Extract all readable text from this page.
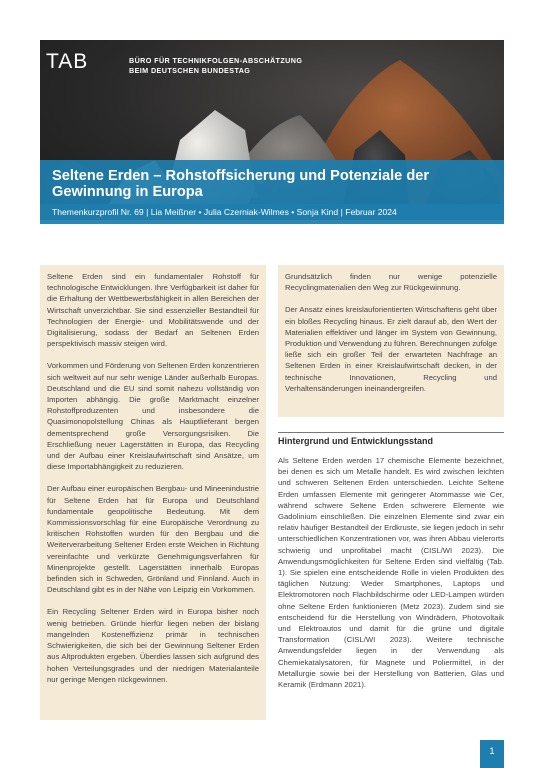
TAB	BÜRO FÜR TECHNIKFOLGEN-ABSCHÄTZUNG
BEIM DEUTSCHEN BUNDESTAG
Seltene Erden – Rohstoffsicherung und Potenziale der Gewinnung in Europa
Themenkurzprofil Nr. 69 | Lia Meißner • Julia Czerniak-Wilmes • Sonja Kind | Februar 2024

Seltene Erden sind ein fundamentaler Rohstoff für technologische Entwicklungen. Ihre Verfügbarkeit ist daher für die Erhaltung der Wettbewerbsfähigkeit in allen Bereichen der Wirtschaft unverzichtbar. Sie sind essenzieller Bestandteil für Technologien der Energie- und Mobilitätswende und der Digitalisierung, sodass der Bedarf an Seltenen Erden perspektivisch massiv steigen wird.

Vorkommen und Förderung von Seltenen Erden konzentrieren sich weltweit auf nur sehr wenige Länder außerhalb Europas. Deutschland und die EU sind somit nahezu vollständig von Importen abhängig. Die große Marktmacht einzelner Rohstoffproduzenten und insbesondere die Quasimonopolstellung Chinas als Hauptlieferant bergen dementsprechend große Versorgungsrisiken. Die Erschließung neuer Lagerstätten in Europa, das Recycling und der Aufbau einer Kreislaufwirtschaft sind Ansätze, um diese Importabhängigkeit zu reduzieren.

Der Aufbau einer europäischen Bergbau- und Mineenindustrie für Seltene Erden hat für Europa und Deutschland fundamentale geopolitische Bedeutung. Mit dem Kommissionsvorschlag für eine Europäische Verordnung zu kritischen Rohstoffen wurden für den Bergbau und die Weiterverarbeitung Seltener Erden erste Weichen in Richtung vereinfachte und verkürzte Genehmigungsverfahren für Minenprojekte gestellt. Lagerstätten innerhalb Europas befinden sich in Schweden, Grönland und Finnland. Auch in Deutschland gibt es in der Nähe von Leipzig ein Vorkommen.

Ein Recycling Seltener Erden wird in Europa bisher noch wenig betrieben. Gründe hierfür liegen neben der bislang mangelnden Kosteneffizienz primär in technischen Schwierigkeiten, die sich bei der Gewinnung Seltener Erden aus Altprodukten ergeben. Überdies lassen sich aufgrund des hohen Verteilungsgrades und der niedrigen Materialanteile nur geringe Mengen rückgewinnen.

Grundsätzlich finden nur wenige potenzielle Recyclingmaterialien den Weg zur Rückgewinnung.

Der Ansatz eines kreislauforientierten Wirtschaftens geht über ein bloßes Recycling hinaus. Er zielt darauf ab, den Wert der Materialien effektiver und länger im System von Gewinnung, Produktion und Verwendung zu führen. Berechnungen zufolge ließe sich ein großer Teil der erwarteten Nachfrage an Seltenen Erden in einer Kreislaufwirtschaft decken, in der technische Innovationen, Recycling und Verhaltensänderungen ineinandergreifen.

Hintergrund und Entwicklungsstand
Als Seltene Erden werden 17 chemische Elemente bezeichnet, bei denen es sich um Metalle handelt. Es wird zwischen leichten und schweren Seltenen Erden unterschieden. Leichte Seltene Erden umfassen Elemente mit geringerer Atommasse wie Cer, während schwere Seltene Erden schwerere Elemente wie Gadolinium einschließen. Die einzelnen Elemente sind zwar ein relativ häufiger Bestandteil der Erdkruste, sie liegen jedoch in sehr unterschiedlichen Konzentrationen vor, was ihren Abbau vielerorts schwierig und unprofitabel macht (CISL/WI 2023). Die Anwendungsmöglichkeiten für Seltene Erden sind vielfältig (Tab. 1). Sie spielen eine entscheidende Rolle in vielen Produkten des täglichen Nutzung: Weder Smartphones, Laptops und Elektromotoren noch Flachbildschirme oder LED-Lampen würden ohne Seltene Erden funktionieren (Metz 2023). Zudem sind sie entscheidend für die Herstellung von Windrädern, Photovoltaik und Elektroautos und damit für die grüne und digitale Transformation (CISL/WI 2023). Weitere technische Anwendungsfelder liegen in der Verwendung als Chemiekatalysatoren, für Magnete und Poliermittel, in der Metallurgie sowie bei der Herstellung von Batterien, Glas und Keramik (Erdmann 2021).
1
